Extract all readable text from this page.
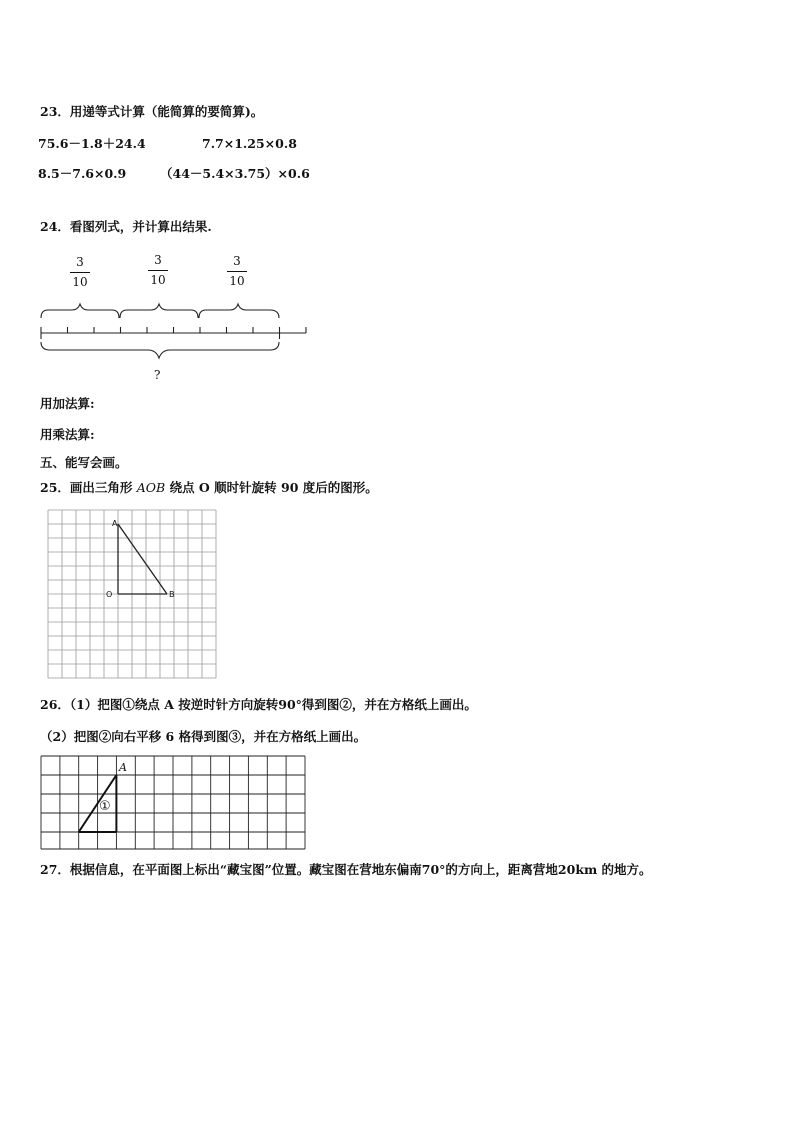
23．用递等式计算（能简算的要简算)。
75.6－1.8＋24.4	7.7×1.25×0.8
8.5－7.6×0.9	（44－5.4×3.75）×0.6
24．看图列式，并计算出结果.
3
10
3
10
3
10
?
用加法算:
用乘法算:
五、能写会画。
25．画出三角形 AOB 绕点 O 顺时针旋转 90 度后的图形。
A
O	B
26．（1）把图①绕点 A 按逆时针方向旋转90°得到图②，并在方格纸上画出。
（2）把图②向右平移 6 格得到图③，并在方格纸上画出。
A
①
27．根据信息，在平面图上标出“藏宝图”位置。藏宝图在营地东偏南70°的方向上，距离营地20km 的地方。
